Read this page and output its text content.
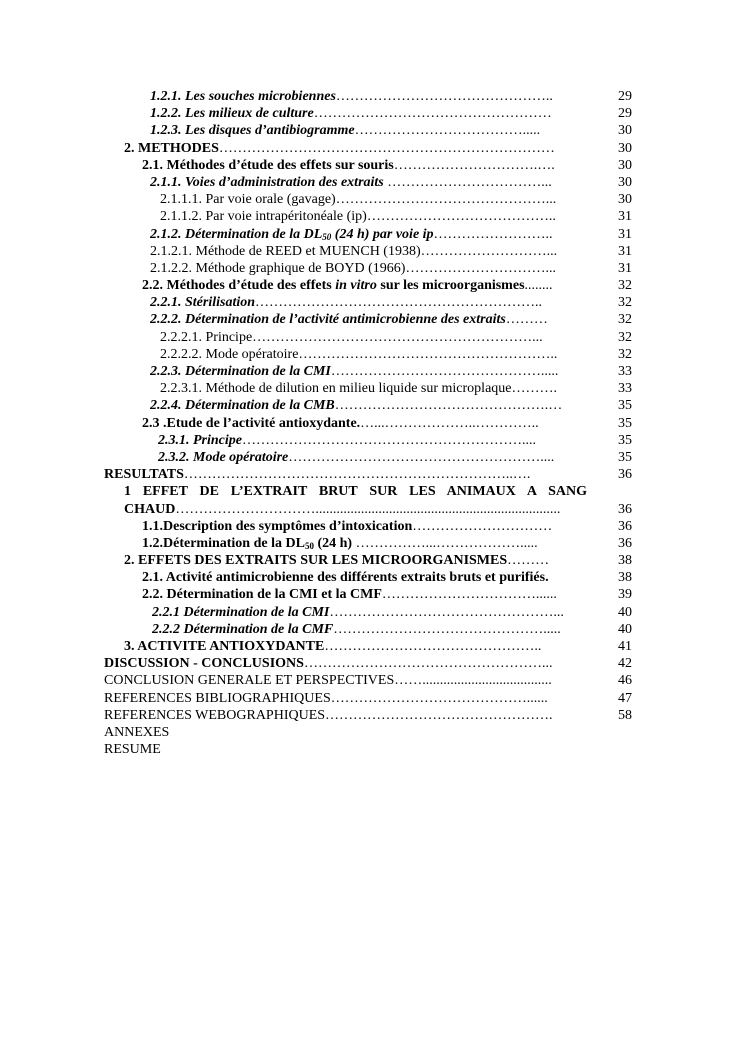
1.2.1. Les souches microbiennes………………………………………..	29
1.2.2. Les milieux de culture……………………………………………	29
1.2.3. Les disques d’antibiogramme……………………………….....	30
2. METHODES………………………………………………………………	30
2.1. Méthodes d’étude des effets sur souris………………………….….	30
2.1.1. Voies d’administration des extraits ……………………………...	30
2.1.1.1. Par voie orale (gavage)………………………………………...	30
2.1.1.2. Par voie intrapéritonéale (ip)…………………………………..	31
2.1.2. Détermination de la $DL_{50}$ (24 h) par voie ip……………………..	31
2.1.2.1. Méthode de REED et MUENCH (1938)………………………...	31
2.1.2.2. Méthode graphique de BOYD (1966)…………………………...	31
2.2. Méthodes d’étude des effets in vitro sur les microorganismes........	32
2.2.1. Stérilisation……………………………………………………..	32
2.2.2. Détermination de l’activité antimicrobienne des extraits………	32
2.2.2.1. Principe……………………………………………………...	32
2.2.2.2. Mode opératoire………………………………………………..	32
2.2.3. Détermination de la CMI……………………………………….....	33
2.2.3.1. Méthode de dilution en milieu liquide sur microplaque……….	33
2.2.4. Détermination de la CMB……………………………………….…	35
2.3 .Etude de l’activité antioxydante.…...………………..…………..	35
2.3.1. Principe……………………………………………………....	35
2.3.2. Mode opératoire………………………………………………....	35
RESULTATS……………………………………………………………..….	36
1 EFFET DE L’EXTRAIT BRUT SUR LES ANIMAUX A SANG CHAUD…………………………......................................................................	36
1.1.Description des symptômes d’intoxication…………………………	36
1.2.Détermination de la $DL_{50}$ (24 h) ……………...……………….....	36
2. EFFETS DES EXTRAITS SUR LES MICROORGANISMES………	38
2.1. Activité antimicrobienne des différents extraits bruts et purifiés.	38
2.2. Détermination de la CMI et la CMF……………………………......	39
2.2.1 Détermination de la CMI…………………………………………...	40
2.2.2 Détermination de la CMF……………………………………….....	40
3. ACTIVITE ANTIOXYDANTE………………………………………..	41
DISCUSSION - CONCLUSIONS……………………………………………...	42
CONCLUSION GENERALE ET PERSPECTIVES…….....................................	46
REFERENCES BIBLIOGRAPHIQUES……………………………………......	47
REFERENCES WEBOGRAPHIQUES………………………………………….	58
ANNEXES
RESUME
